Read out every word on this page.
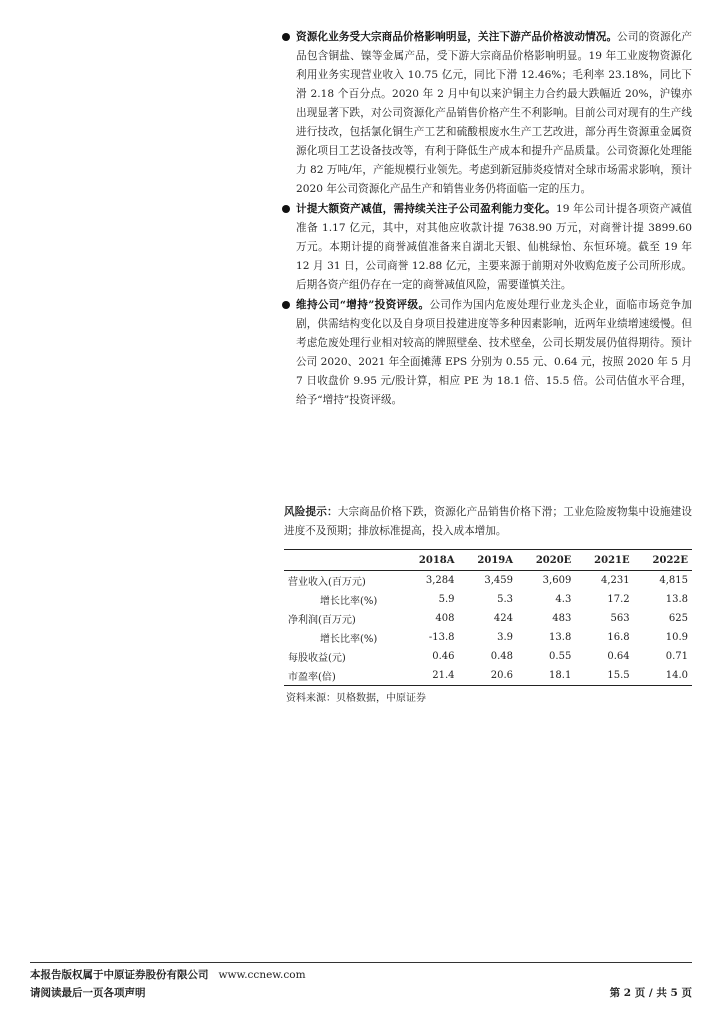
资源化业务受大宗商品价格影响明显，关注下游产品价格波动情况。公司的资源化产品包含铜盐、镍等金属产品，受下游大宗商品价格影响明显。19 年工业废物资源化利用业务实现营业收入 10.75 亿元，同比下滑 12.46%；毛利率 23.18%，同比下滑 2.18 个百分点。2020 年 2 月中旬以来沪铜主力合约最大跌幅近 20%，沪镍亦出现显著下跌，对公司资源化产品销售价格产生不利影响。目前公司对现有的生产线进行技改，包括氯化铜生产工艺和硫酸根废水生产工艺改进，部分再生资源重金属资源化项目工艺设备技改等，有利于降低生产成本和提升产品质量。公司资源化处理能力 82 万吨/年，产能规模行业领先。考虑到新冠肺炎疫情对全球市场需求影响，预计 2020 年公司资源化产品生产和销售业务仍将面临一定的压力。
计提大额资产减值，需持续关注子公司盈利能力变化。19 年公司计提各项资产减值准备 1.17 亿元，其中，对其他应收款计提 7638.90 万元，对商誉计提 3899.60 万元。本期计提的商誉减值准备来自湖北天银、仙桃绿怡、东恒环境。截至 19 年 12 月 31 日，公司商誉 12.88 亿元，主要来源于前期对外收购危废子公司所形成。后期各资产组仍存在一定的商誉减值风险，需要谨慎关注。
维持公司“增持”投资评级。公司作为国内危废处理行业龙头企业，面临市场竞争加剧，供需结构变化以及自身项目投建进度等多种因素影响，近两年业绩增速缓慢。但考虑危废处理行业相对较高的牌照壁垒、技术壁垒，公司长期发展仍值得期待。预计公司 2020、2021 年全面摊薄 EPS 分别为 0.55 元、0.64 元，按照 2020 年 5 月 7 日收盘价 9.95 元/股计算，相应 PE 为 18.1 倍、15.5 倍。公司估值水平合理，给予“增持”投资评级。
风险提示：大宗商品价格下跌，资源化产品销售价格下滑；工业危险废物集中设施建设进度不及预期；排放标准提高，投入成本增加。
	2018A	2019A	2020E	2021E	2022E
营业收入(百万元)	3,284	3,459	3,609	4,231	4,815
增长比率(%)	5.9	5.3	4.3	17.2	13.8
净利润(百万元)	408	424	483	563	625
增长比率(%)	-13.8	3.9	13.8	16.8	10.9
每股收益(元)	0.46	0.48	0.55	0.64	0.71
市盈率(倍)	21.4	20.6	18.1	15.5	14.0
资料来源：贝格数据，中原证券
本报告版权属于中原证券股份有限公司 www.ccnew.com
请阅读最后一页各项声明	第 2 页 / 共 5 页
